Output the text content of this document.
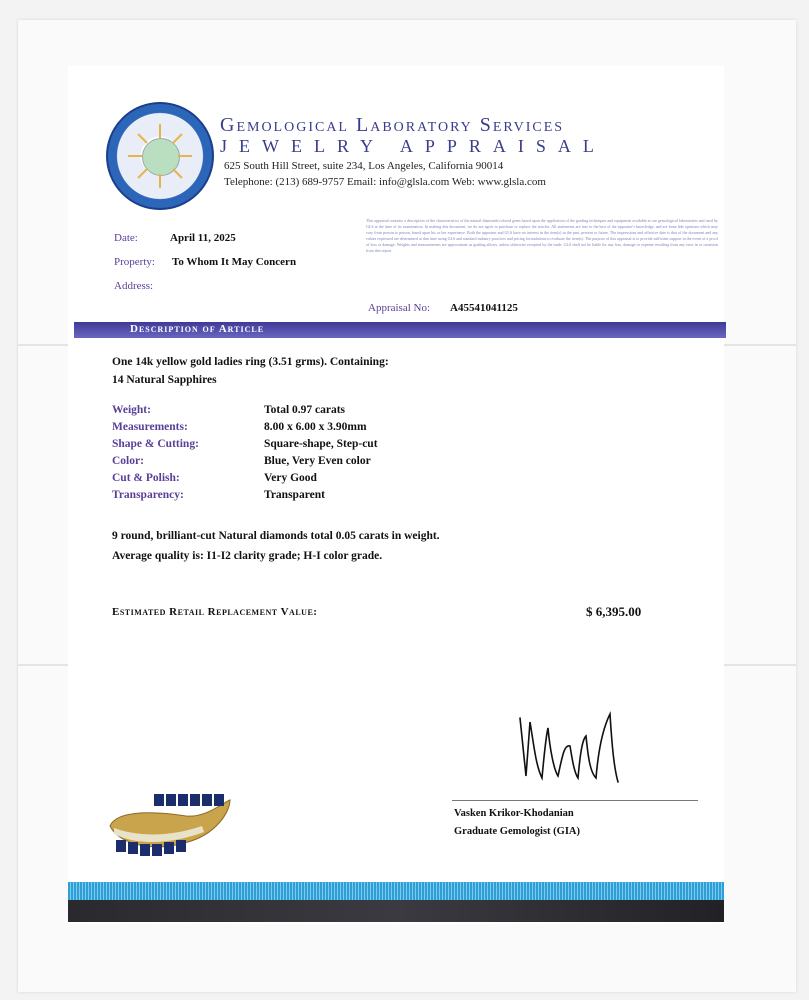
Gemological Laboratory Services
JEWELRY APPRAISAL
625 South Hill Street, suite 234, Los Angeles, California 90014
Telephone: (213) 689-9757 Email: info@glsla.com Web: www.glsla.com
Date:	April 11, 2025
Property: To Whom It May Concern
Address:
This appraisal contains a description of the characteristics of the natural diamonds/colored gems based upon the application of the grading techniques and equipment available at our gemological laboratories and used by GLS at the time of its examination. In making this document, we do not agree to purchase or replace the articles. All statements are true to the best of the appraiser's knowledge, and are bona fide opinions which may vary from person to person, based upon his or her experience. Both the appraiser and GLS have no interest in the item(s) in the past, present or future. The impressions and effective date is that of the document and any values expressed are determined at that time using GLS and standard industry practices and pricing formulations to evaluate the item(s). The purpose of this appraisal is to provide sufficient support in the event of a proof of loss or damage. Weights and measurements are approximate as grading allows, unless otherwise excepted by the trade. GLS shall not be liable for any loss, damage or expense resulting from any error in or omission from this report.
Appraisal No: A45541041125
Description of Article
One 14k yellow gold ladies ring (3.51 grms). Containing:
14 Natural Sapphires
Weight:	Total 0.97 carats
Measurements:	8.00 x 6.00 x 3.90mm
Shape & Cutting:	Square-shape, Step-cut
Color:	Blue, Very Even color
Cut & Polish:	Very Good
Transparency:	Transparent
9 round, brilliant-cut Natural diamonds total 0.05 carats in weight.
Average quality is: I1-I2 clarity grade; H-I color grade.
Estimated Retail Replacement Value:	$ 6,395.00
Vasken Krikor-Khodanian
Graduate Gemologist (GIA)
